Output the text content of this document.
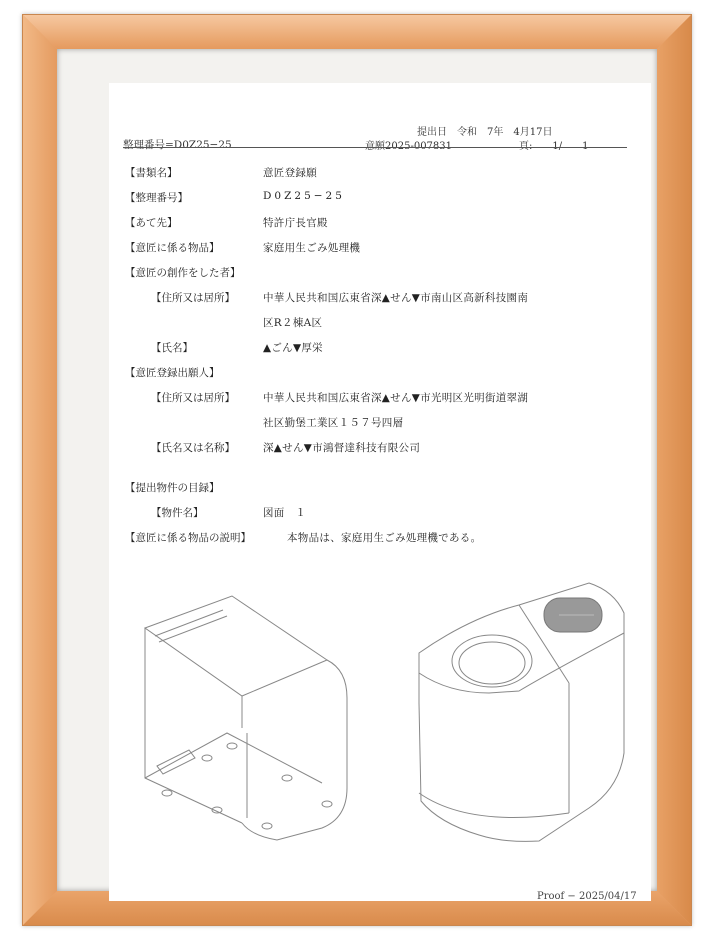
提出日　令和　7年　4月17日
整理番号=D0Z25−25	意願2025-007831	頁:　　1/　　1
【書類名】	意匠登録願
【整理番号】	D0Z25−25
【あて先】	特許庁長官殿
【意匠に係る物品】	家庭用生ごみ処理機
【意匠の創作をした者】
【住所又は居所】	中華人民共和国広東省深▲せん▼市南山区高新科技園南
区R２棟A区
【氏名】	▲ごん▼厚栄
【意匠登録出願人】
【住所又は居所】	中華人民共和国広東省深▲せん▼市光明区光明街道翠湖
社区勤堡工業区１５７号四層
【氏名又は名称】	深▲せん▼市鴻督達科技有限公司
【提出物件の目録】
【物件名】	図面　１
【意匠に係る物品の説明】	本物品は、家庭用生ごみ処理機である。
Proof − 2025/04/17
